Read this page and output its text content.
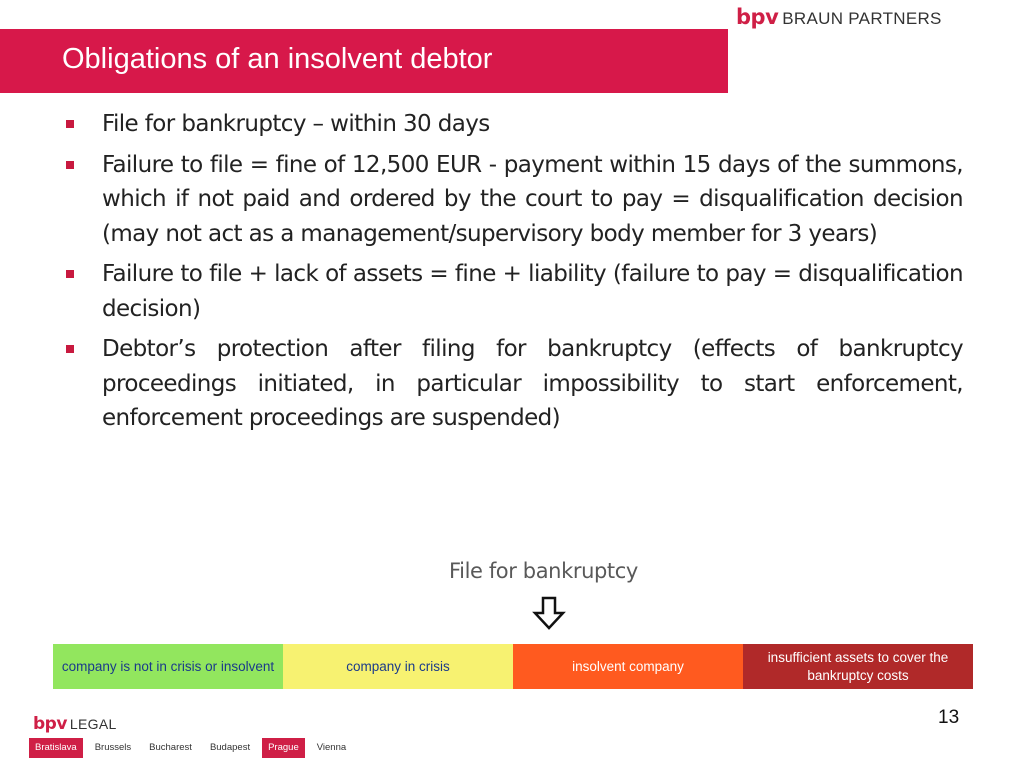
bpv BRAUN PARTNERS
Obligations of an insolvent debtor
File for bankruptcy – within 30 days
Failure to file = fine of 12,500 EUR - payment within 15 days of the summons, which if not paid and ordered by the court to pay = disqualification decision (may not act as a management/supervisory body member for 3 years)
Failure to file + lack of assets = fine + liability (failure to pay = disqualification decision)
Debtor’s protection after filing for bankruptcy (effects of bankruptcy proceedings initiated, in particular impossibility to start enforcement, enforcement proceedings are suspended)
File for bankruptcy
company is not in crisis or insolvent	company in crisis	insolvent company
insufficient assets to cover the bankruptcy costs
13
bpv LEGAL
Bratislava	Brussels	Bucharest	Budapest	Prague	Vienna
